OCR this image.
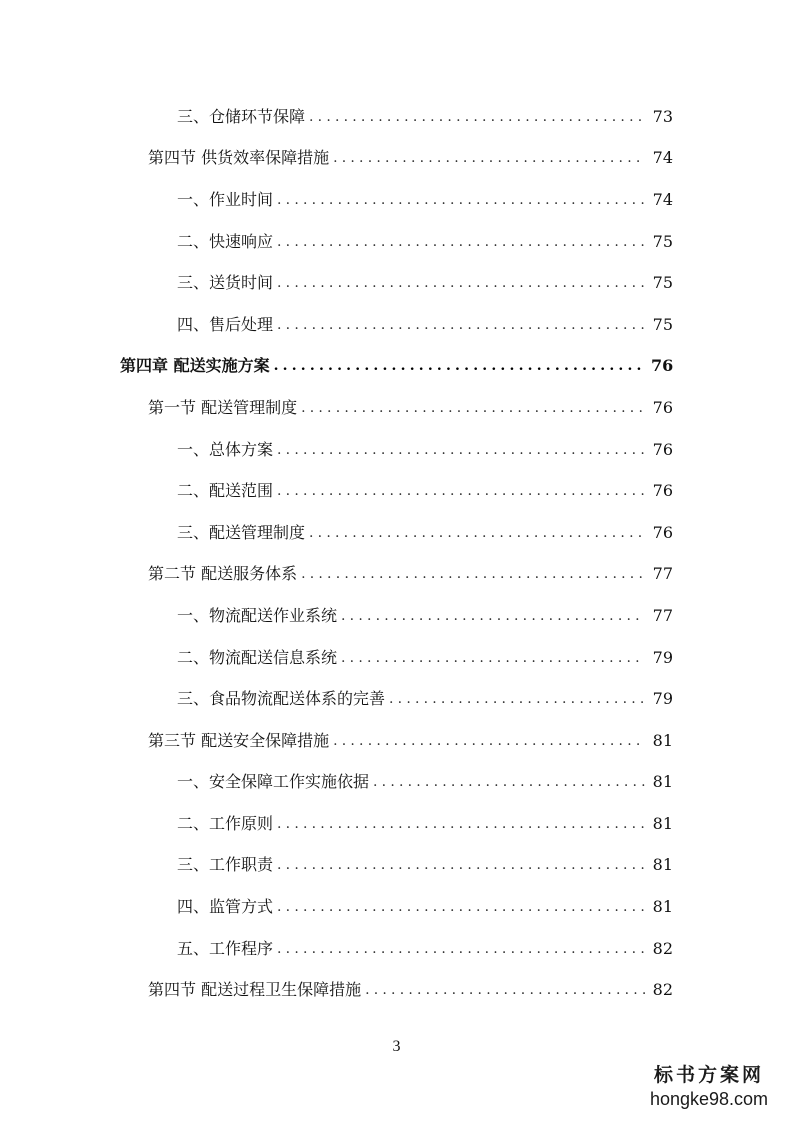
三、仓储环节保障 .....	73
第四节 供货效率保障措施 .....	74
一、作业时间 .....	74
二、快速响应 .....	75
三、送货时间 .....	75
四、售后处理 .....	75
第四章 配送实施方案 .....	76
第一节 配送管理制度 .....	76
一、总体方案 .....	76
二、配送范围 .....	76
三、配送管理制度 .....	76
第二节 配送服务体系 .....	77
一、物流配送作业系统 .....	77
二、物流配送信息系统 .....	79
三、食品物流配送体系的完善 .....	79
第三节 配送安全保障措施 .....	81
一、安全保障工作实施依据 .....	81
二、工作原则 .....	81
三、工作职责 .....	81
四、监管方式 .....	81
五、工作程序 .....	82
第四节 配送过程卫生保障措施 .....	82
3
标书方案网
hongke98.com
